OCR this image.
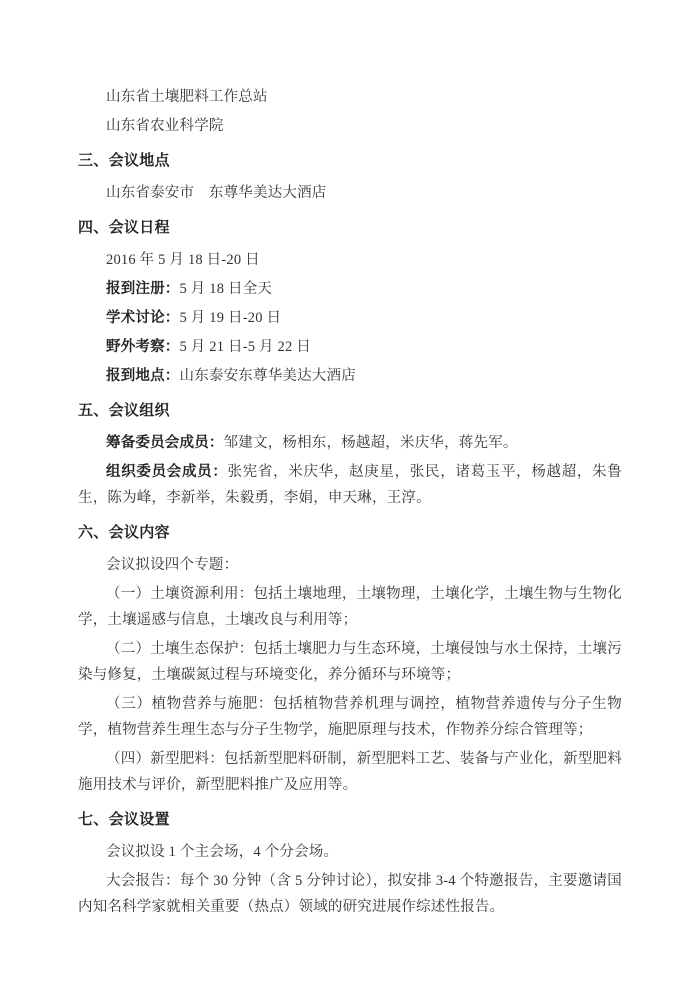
山东省土壤肥料工作总站

山东省农业科学院

三、会议地点

山东省泰安市　东尊华美达大酒店

四、会议日程

2016 年 5 月 18 日-20 日

报到注册：5 月 18 日全天

学术讨论：5 月 19 日-20 日

野外考察：5 月 21 日-5 月 22 日

报到地点：山东泰安东尊华美达大酒店

五、会议组织

筹备委员会成员：邹建文，杨相东，杨越超，米庆华，蒋先军。

组织委员会成员：张宪省，米庆华，赵庚星，张民，诸葛玉平，杨越超，朱鲁生，陈为峰，李新举，朱毅勇，李娟，申天琳，王淳。

六、会议内容

会议拟设四个专题：

（一）土壤资源利用：包括土壤地理，土壤物理，土壤化学，土壤生物与生物化学，土壤遥感与信息，土壤改良与利用等；

（二）土壤生态保护：包括土壤肥力与生态环境，土壤侵蚀与水土保持，土壤污染与修复，土壤碳氮过程与环境变化，养分循环与环境等；

（三）植物营养与施肥：包括植物营养机理与调控，植物营养遗传与分子生物学，植物营养生理生态与分子生物学，施肥原理与技术，作物养分综合管理等；

（四）新型肥料：包括新型肥料研制，新型肥料工艺、装备与产业化，新型肥料施用技术与评价，新型肥料推广及应用等。

七、会议设置

会议拟设 1 个主会场，4 个分会场。

大会报告：每个 30 分钟（含 5 分钟讨论），拟安排 3-4 个特邀报告，主要邀请国内知名科学家就相关重要（热点）领域的研究进展作综述性报告。
